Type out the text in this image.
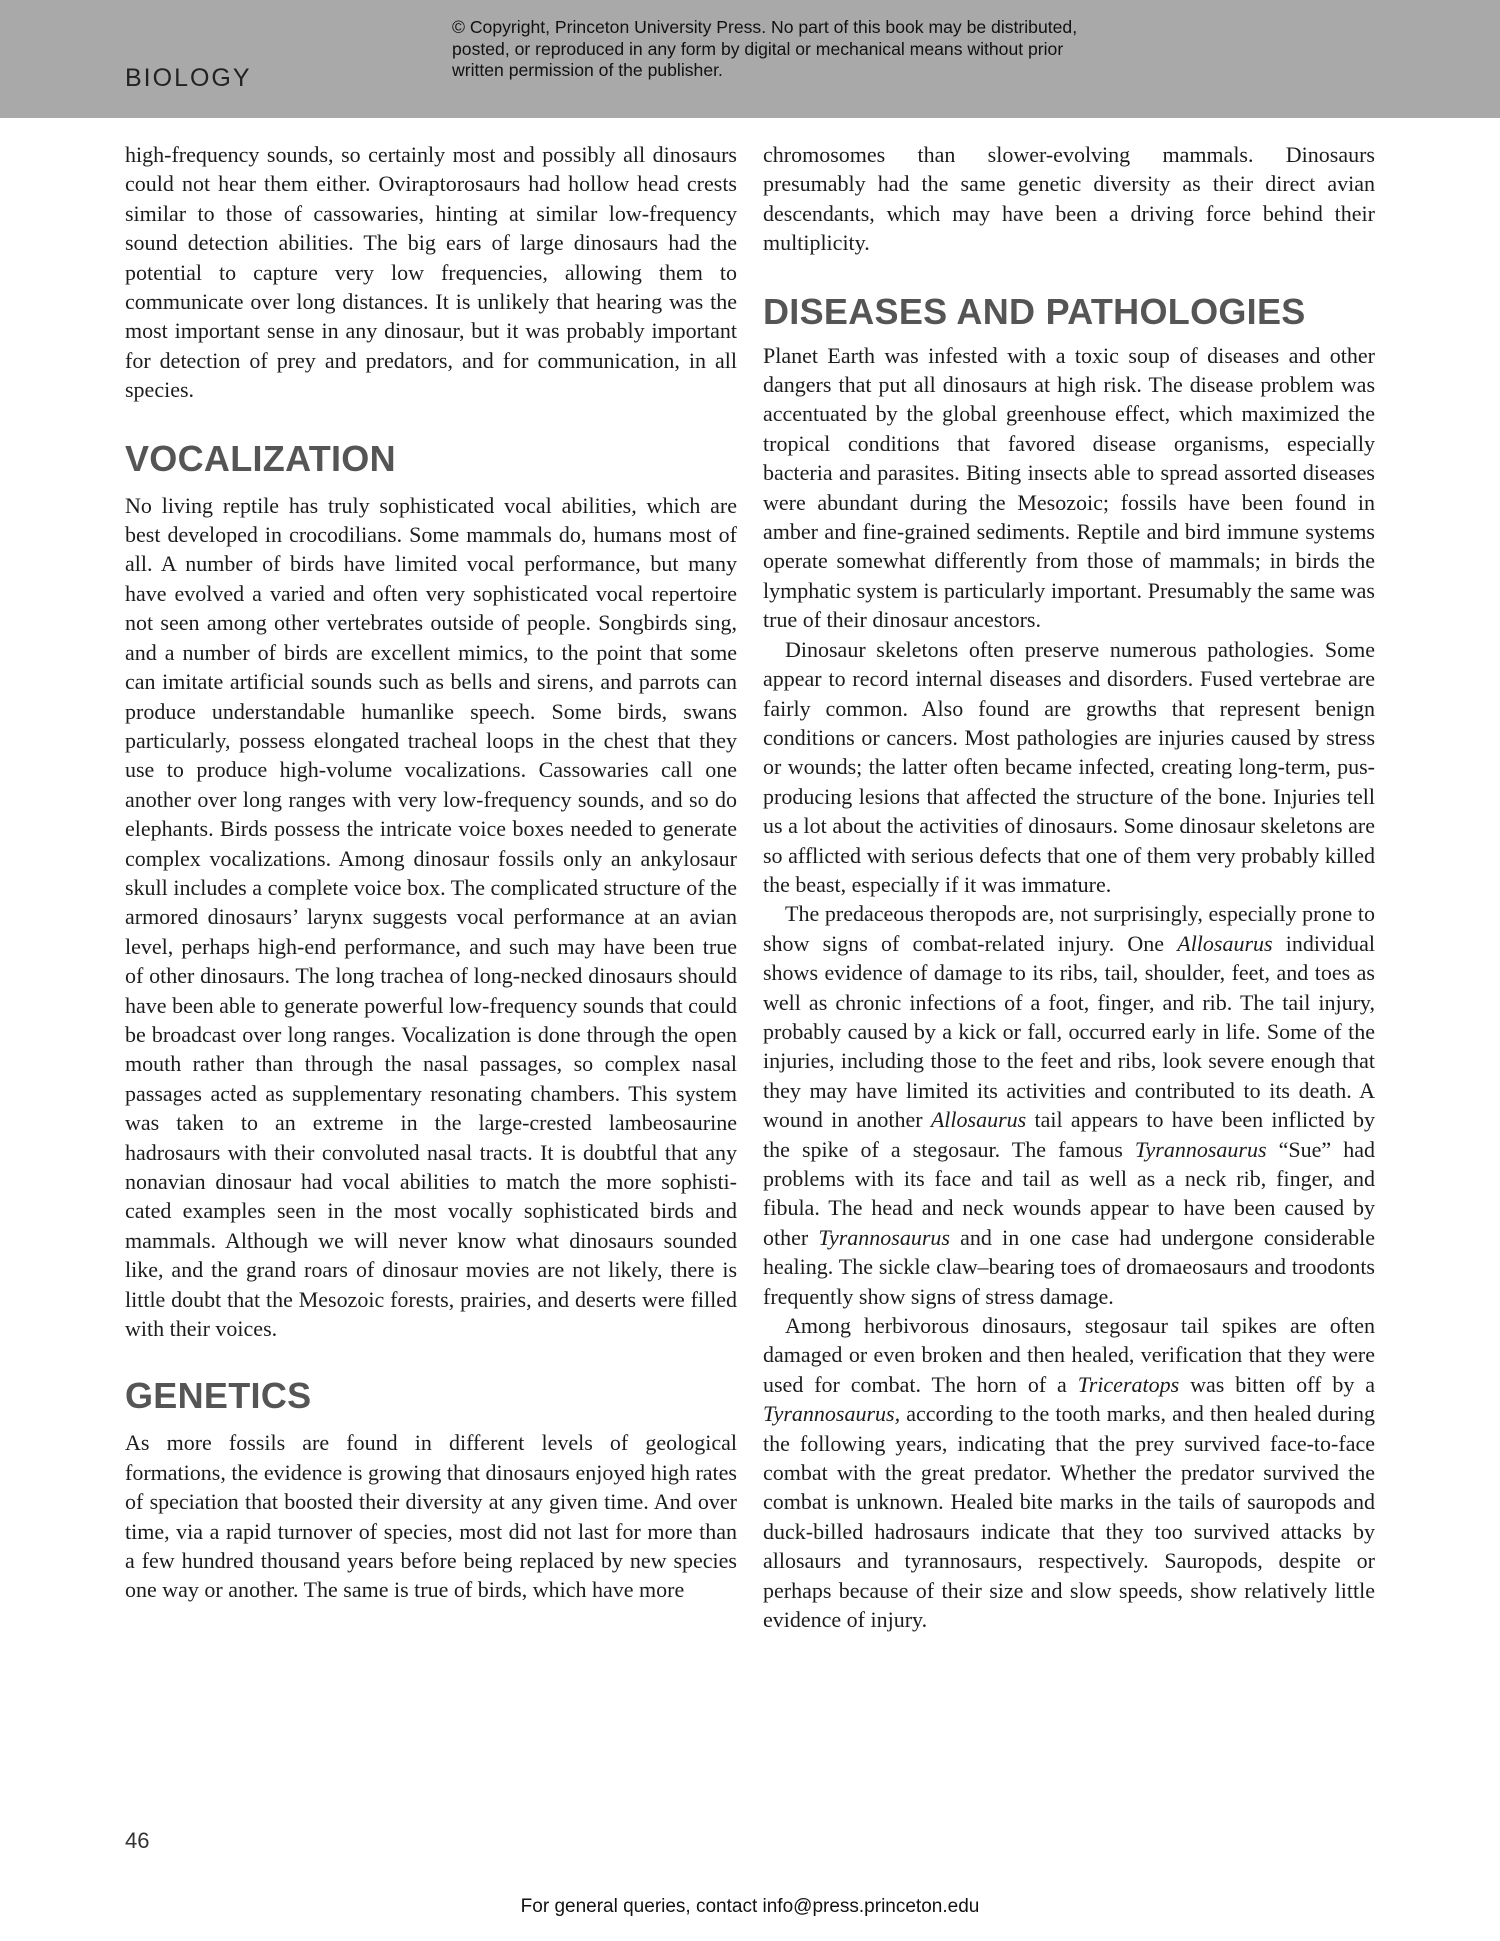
BIOLOGY
© Copyright, Princeton University Press. No part of this book may be distributed, posted, or reproduced in any form by digital or mechanical means without prior written permission of the publisher.

high-frequency sounds, so certainly most and possibly all dinosaurs could not hear them either. Oviraptorosaurs had hollow head crests similar to those of cassowaries, hinting at similar low-frequency sound detection abilities. The big ears of large dinosaurs had the potential to capture very low frequencies, allowing them to communicate over long distances. It is unlikely that hearing was the most important sense in any dinosaur, but it was probably important for detection of prey and predators, and for communication, in all species.

VOCALIZATION

No living reptile has truly sophisticated vocal abilities, which are best developed in crocodilians. Some mammals do, humans most of all. A number of birds have limited vocal performance, but many have evolved a varied and often very sophisticated vocal repertoire not seen among other vertebrates outside of people. Songbirds sing, and a number of birds are excellent mimics, to the point that some can imitate artificial sounds such as bells and sirens, and parrots can produce understandable humanlike speech. Some birds, swans particularly, possess elongated tracheal loops in the chest that they use to produce high-volume vocalizations. Cassowaries call one another over long ranges with very low-frequency sounds, and so do elephants. Birds possess the intricate voice boxes needed to generate complex vocalizations. Among dinosaur fossils only an ankylosaur skull includes a complete voice box. The complicated structure of the armored dinosaurs’ larynx suggests vocal performance at an avian level, perhaps high-end performance, and such may have been true of other dinosaurs. The long trachea of long-necked dinosaurs should have been able to generate powerful low-frequency sounds that could be broadcast over long ranges. Vocalization is done through the open mouth rather than through the nasal passages, so complex nasal passages acted as supplementary resonating chambers. This system was taken to an extreme in the large-crested lambeosaurine hadrosaurs with their convoluted nasal tracts. It is doubtful that any nonavian dinosaur had vocal abilities to match the more sophisticated examples seen in the most vocally sophisticated birds and mammals. Although we will never know what dinosaurs sounded like, and the grand roars of dinosaur movies are not likely, there is little doubt that the Mesozoic forests, prairies, and deserts were filled with their voices.

GENETICS

As more fossils are found in different levels of geological formations, the evidence is growing that dinosaurs enjoyed high rates of speciation that boosted their diversity at any given time. And over time, via a rapid turnover of species, most did not last for more than a few hundred thousand years before being replaced by new species one way or another. The same is true of birds, which have more

chromosomes than slower-evolving mammals. Dinosaurs presumably had the same genetic diversity as their direct avian descendants, which may have been a driving force behind their multiplicity.

DISEASES AND PATHOLOGIES

Planet Earth was infested with a toxic soup of diseases and other dangers that put all dinosaurs at high risk. The disease problem was accentuated by the global greenhouse effect, which maximized the tropical conditions that favored disease organisms, especially bacteria and parasites. Biting insects able to spread assorted diseases were abundant during the Mesozoic; fossils have been found in amber and fine-grained sediments. Reptile and bird immune systems operate somewhat differently from those of mammals; in birds the lymphatic system is particularly important. Presumably the same was true of their dinosaur ancestors.

Dinosaur skeletons often preserve numerous pathologies. Some appear to record internal diseases and disorders. Fused vertebrae are fairly common. Also found are growths that represent benign conditions or cancers. Most pathologies are injuries caused by stress or wounds; the latter often became infected, creating long-term, pus-producing lesions that affected the structure of the bone. Injuries tell us a lot about the activities of dinosaurs. Some dinosaur skeletons are so afflicted with serious defects that one of them very probably killed the beast, especially if it was immature.

The predaceous theropods are, not surprisingly, especially prone to show signs of combat-related injury. One Allosaurus individual shows evidence of damage to its ribs, tail, shoulder, feet, and toes as well as chronic infections of a foot, finger, and rib. The tail injury, probably caused by a kick or fall, occurred early in life. Some of the injuries, including those to the feet and ribs, look severe enough that they may have limited its activities and contributed to its death. A wound in another Allosaurus tail appears to have been inflicted by the spike of a stegosaur. The famous Tyrannosaurus “Sue” had problems with its face and tail as well as a neck rib, finger, and fibula. The head and neck wounds appear to have been caused by other Tyrannosaurus and in one case had undergone considerable healing. The sickle claw–bearing toes of dromaeosaurs and troodonts frequently show signs of stress damage.

Among herbivorous dinosaurs, stegosaur tail spikes are often damaged or even broken and then healed, verification that they were used for combat. The horn of a Triceratops was bitten off by a Tyrannosaurus, according to the tooth marks, and then healed during the following years, indicating that the prey survived face-to-face combat with the great predator. Whether the predator survived the combat is unknown. Healed bite marks in the tails of sauropods and duck-billed hadrosaurs indicate that they too survived attacks by allosaurs and tyrannosaurs, respectively. Sauropods, despite or perhaps because of their size and slow speeds, show relatively little evidence of injury.

46
For general queries, contact info@press.princeton.edu
